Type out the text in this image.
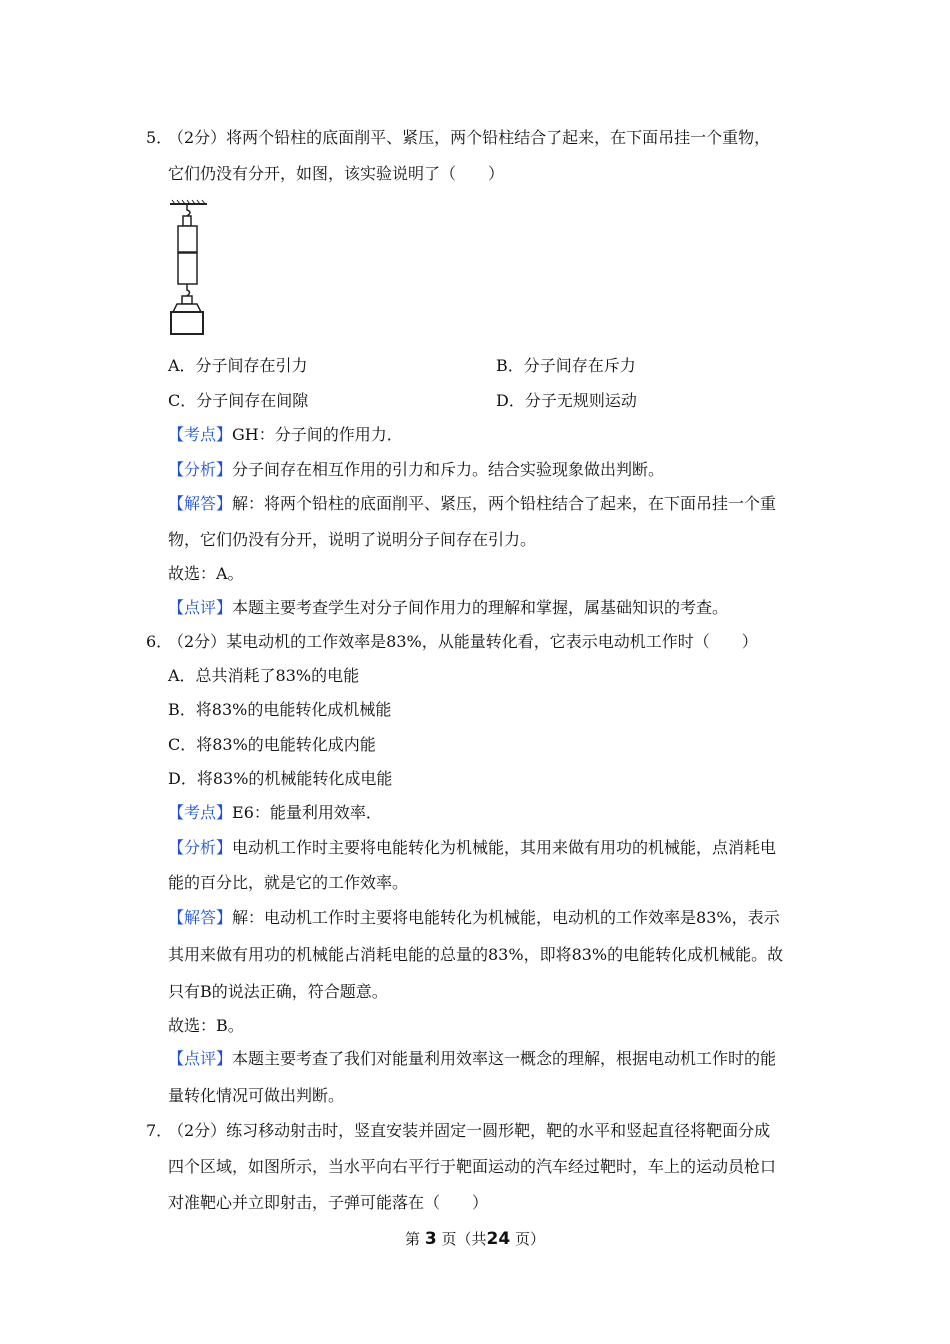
5．
（2分）将两个铅柱的底面削平、紧压，两个铅柱结合了起来，在下面吊挂一个重物，
它们仍没有分开，如图，该实验说明了（　　）
A．分子间存在引力	B．分子间存在斥力
C．分子间存在间隙	D．分子无规则运动
【考点】GH：分子间的作用力．
【分析】分子间存在相互作用的引力和斥力。结合实验现象做出判断。
【解答】解：将两个铅柱的底面削平、紧压，两个铅柱结合了起来，在下面吊挂一个重
物，它们仍没有分开，说明了说明分子间存在引力。
故选：A。
【点评】本题主要考查学生对分子间作用力的理解和掌握，属基础知识的考查。
6．
（2分）某电动机的工作效率是83%，从能量转化看，它表示电动机工作时（　　）
A．总共消耗了83%的电能
B．将83%的电能转化成机械能
C．将83%的电能转化成内能
D．将83%的机械能转化成电能
【考点】E6：能量利用效率．
【分析】电动机工作时主要将电能转化为机械能，其用来做有用功的机械能，点消耗电
能的百分比，就是它的工作效率。
【解答】解：电动机工作时主要将电能转化为机械能，电动机的工作效率是83%，表示
其用来做有用功的机械能占消耗电能的总量的83%，即将83%的电能转化成机械能。故
只有B的说法正确，符合题意。
故选：B。
【点评】本题主要考查了我们对能量利用效率这一概念的理解，根据电动机工作时的能
量转化情况可做出判断。
7．
（2分）练习移动射击时，竖直安装并固定一圆形靶，靶的水平和竖起直径将靶面分成
四个区域，如图所示，当水平向右平行于靶面运动的汽车经过靶时，车上的运动员枪口
对准靶心并立即射击，子弹可能落在（　　）
第 3 页（共24 页）
